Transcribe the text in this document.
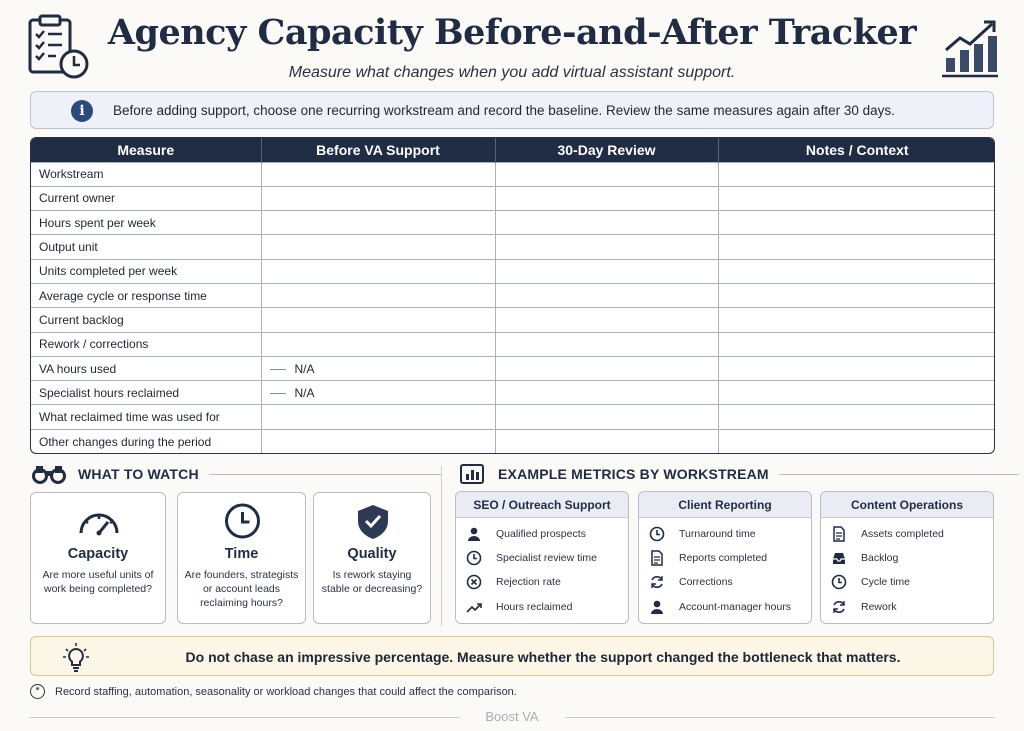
Agency Capacity Before-and-After Tracker
Measure what changes when you add virtual assistant support.
i	Before adding support, choose one recurring workstream and record the baseline. Review the same measures again after 30 days.
Measure	Before VA Support	30-Day Review	Notes / Context
Workstream			
Current owner			
Hours spent per week			
Output unit			
Units completed per week			
Average cycle or response time			
Current backlog			
Rework / corrections			
VA hours used	N/A		
Specialist hours reclaimed	N/A		
What reclaimed time was used for			
Other changes during the period			
WHAT TO WATCH
Capacity
Are more useful units of work being completed?
Time
Are founders, strategists or account leads reclaiming hours?
Quality
Is rework staying stable or decreasing?
EXAMPLE METRICS BY WORKSTREAM
SEO / Outreach Support
Qualified prospects
Specialist review time
Rejection rate
Hours reclaimed
Client Reporting
Turnaround time
Reports completed
Corrections
Account-manager hours
Content Operations
Assets completed
Backlog
Cycle time
Rework
Do not chase an impressive percentage. Measure whether the support changed the bottleneck that matters.
*	Record staffing, automation, seasonality or workload changes that could affect the comparison.
Boost VA
